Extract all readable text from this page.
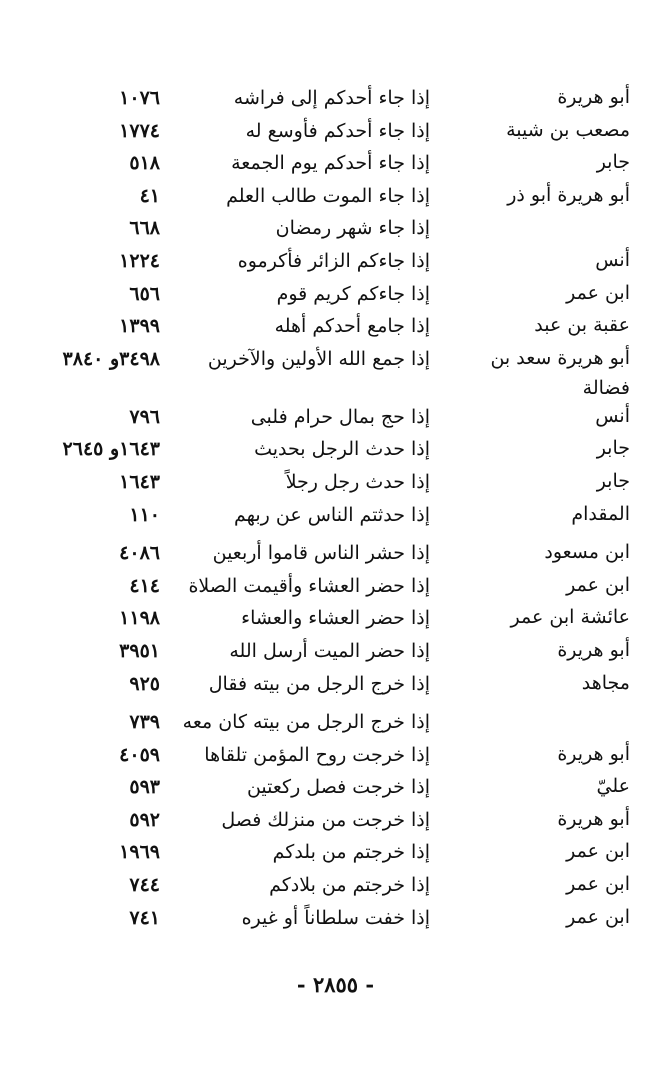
أبو هريرة
إذا جاء أحدكم إلى فراشه
١٠٧٦
مصعب بن شيبة
إذا جاء أحدكم فأوسع له
١٧٧٤
جابر
إذا جاء أحدكم يوم الجمعة
٥١٨
أبو هريرة أبو ذر
إذا جاء الموت طالب العلم
٤١
إذا جاء شهر رمضان
٦٦٨
أنس
إذا جاءكم الزائر فأكرموه
١٢٢٤
ابن عمر
إذا جاءكم كريم قوم
٦٥٦
عقبة بن عبد
إذا جامع أحدكم أهله
١٣٩٩
أبو هريرة سعد بن فضالة
إذا جمع الله الأولين والآخرين
٣٤٩٨و ٣٨٤٠
أنس
إذا حج بمال حرام فلبى
٧٩٦
جابر
إذا حدث الرجل بحديث
١٦٤٣و ٢٦٤٥
جابر
إذا حدث رجل رجلاً
١٦٤٣
المقدام
إذا حدثتم الناس عن ربهم
١١٠
ابن مسعود
إذا حشر الناس قاموا أربعين
٤٠٨٦
ابن عمر
إذا حضر العشاء وأقيمت الصلاة
٤١٤
عائشة ابن عمر
إذا حضر العشاء والعشاء
١١٩٨
أبو هريرة
إذا حضر الميت أرسل الله
٣٩٥١
مجاهد
إذا خرج الرجل من بيته فقال
٩٢٥
إذا خرج الرجل من بيته كان معه
٧٣٩
أبو هريرة
إذا خرجت روح المؤمن تلقاها
٤٠٥٩
عليّ
إذا خرجت فصل ركعتين
٥٩٣
أبو هريرة
إذا خرجت من منزلك فصل
٥٩٢
ابن عمر
إذا خرجتم من بلدكم
١٩٦٩
ابن عمر
إذا خرجتم من بلادكم
٧٤٤
ابن عمر
إذا خفت سلطاناً أو غيره
٧٤١
- ٢٨٥٥ -
